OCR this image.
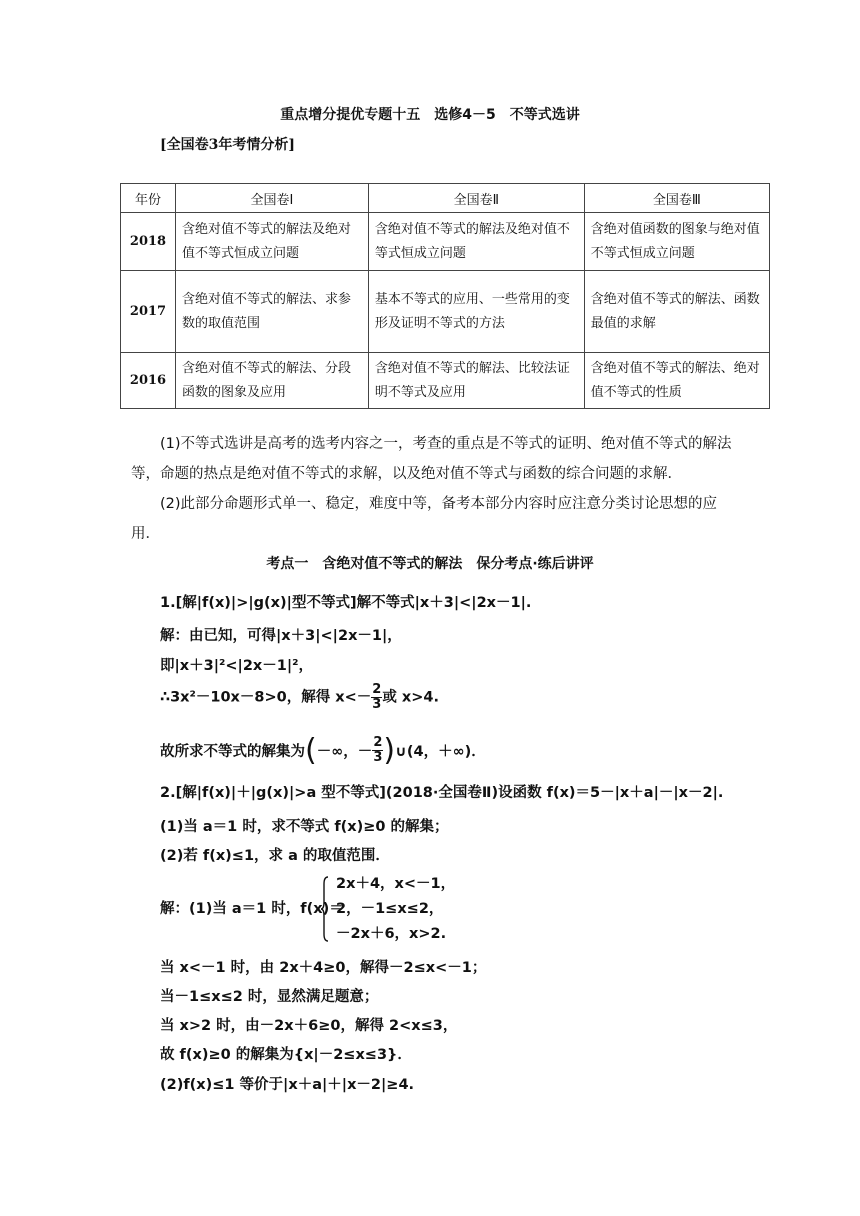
重点增分提优专题十五　选修4－5　不等式选讲
[全国卷3年考情分析]
年份	全国卷Ⅰ	全国卷Ⅱ	全国卷Ⅲ
2018	含绝对值不等式的解法及绝对值不等式恒成立问题	含绝对值不等式的解法及绝对值不等式恒成立问题	含绝对值函数的图象与绝对值不等式恒成立问题
2017	含绝对值不等式的解法、求参数的取值范围	基本不等式的应用、一些常用的变形及证明不等式的方法	含绝对值不等式的解法、函数最值的求解
2016	含绝对值不等式的解法、分段函数的图象及应用	含绝对值不等式的解法、比较法证明不等式及应用	含绝对值不等式的解法、绝对值不等式的性质

(1)不等式选讲是高考的选考内容之一，考查的重点是不等式的证明、绝对值不等式的解法等，命题的热点是绝对值不等式的求解，以及绝对值不等式与函数的综合问题的求解．

(2)此部分命题形式单一、稳定，难度中等，备考本部分内容时应注意分类讨论思想的应用．

考点一　含绝对值不等式的解法　保分考点·练后讲评
1.[解|f(x)|>|g(x)|型不等式]解不等式|x＋3|<|2x－1|.
解：由已知，可得|x＋3|<|2x－1|，
即|x＋3|²<|2x－1|²，
∴3x²－10x－8>0，解得 $x<- \frac{2}{3}$ 或 x>4.
故所求不等式的解集为(－∞，－ $\frac{2}{3}$ )∪(4，＋∞)．
2.[解|f(x)|＋|g(x)|>a 型不等式](2018·全国卷Ⅱ)设函数 f(x)＝5－|x＋a|－|x－2|.
(1)当 a＝1 时，求不等式 f(x)≥0 的解集；
(2)若 f(x)≤1，求 a 的取值范围．
解：(1)当 a＝1 时，f(x)＝
2x＋4，x<－1，
2，－1≤x≤2，
－2x＋6，x>2.
当 x<－1 时，由 2x＋4≥0，解得－2≤x<－1；
当－1≤x≤2 时，显然满足题意；
当 x>2 时，由－2x＋6≥0，解得 2<x≤3，
故 f(x)≥0 的解集为{x|－2≤x≤3}．
(2)f(x)≤1 等价于|x＋a|＋|x－2|≥4.
